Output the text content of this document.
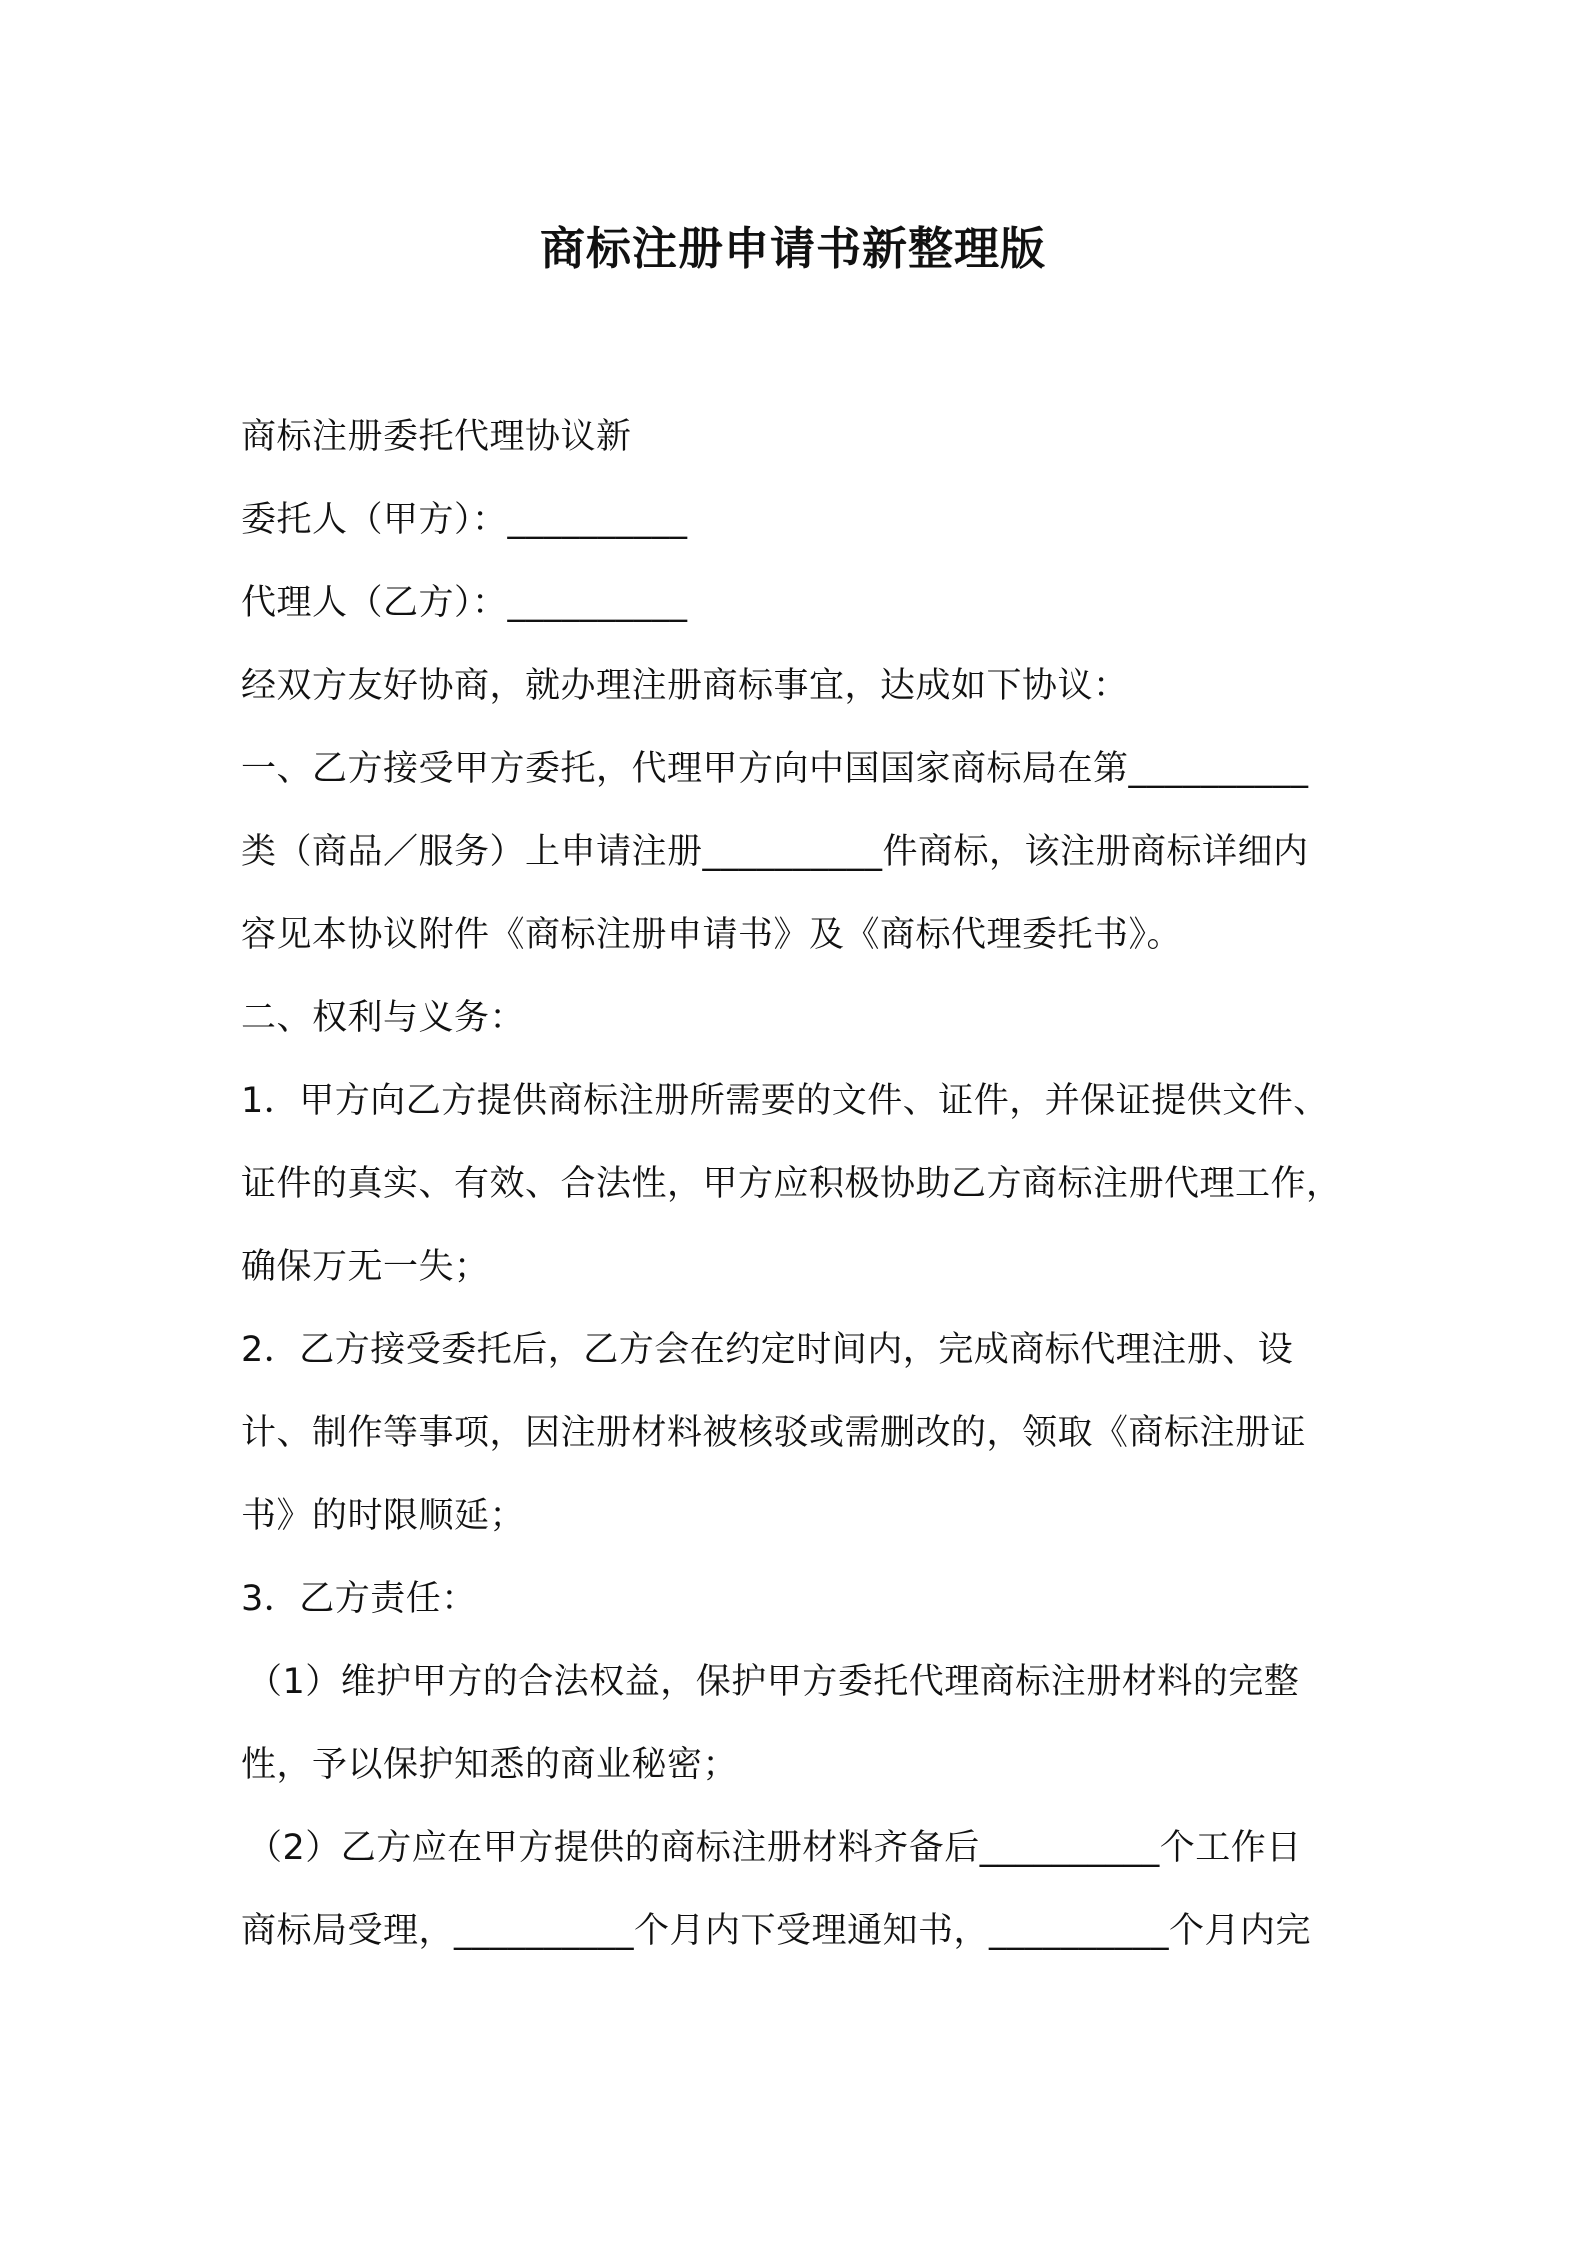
商标注册申请书新整理版
商标注册委托代理协议新
委托人（甲方）：__________
代理人（乙方）：__________
经双方友好协商，就办理注册商标事宜，达成如下协议：
一、乙方接受甲方委托，代理甲方向中国国家商标局在第__________
类（商品／服务）上申请注册__________件商标，该注册商标详细内
容见本协议附件《商标注册申请书》及《商标代理委托书》。
二、权利与义务：
1．甲方向乙方提供商标注册所需要的文件、证件，并保证提供文件、
证件的真实、有效、合法性，甲方应积极协助乙方商标注册代理工作，
确保万无一失；
2．乙方接受委托后，乙方会在约定时间内，完成商标代理注册、设
计、制作等事项，因注册材料被核驳或需删改的，领取《商标注册证
书》的时限顺延；
3．乙方责任：
（1）维护甲方的合法权益，保护甲方委托代理商标注册材料的完整
性，予以保护知悉的商业秘密；
（2）乙方应在甲方提供的商标注册材料齐备后__________个工作日
商标局受理，__________个月内下受理通知书，__________个月内完
